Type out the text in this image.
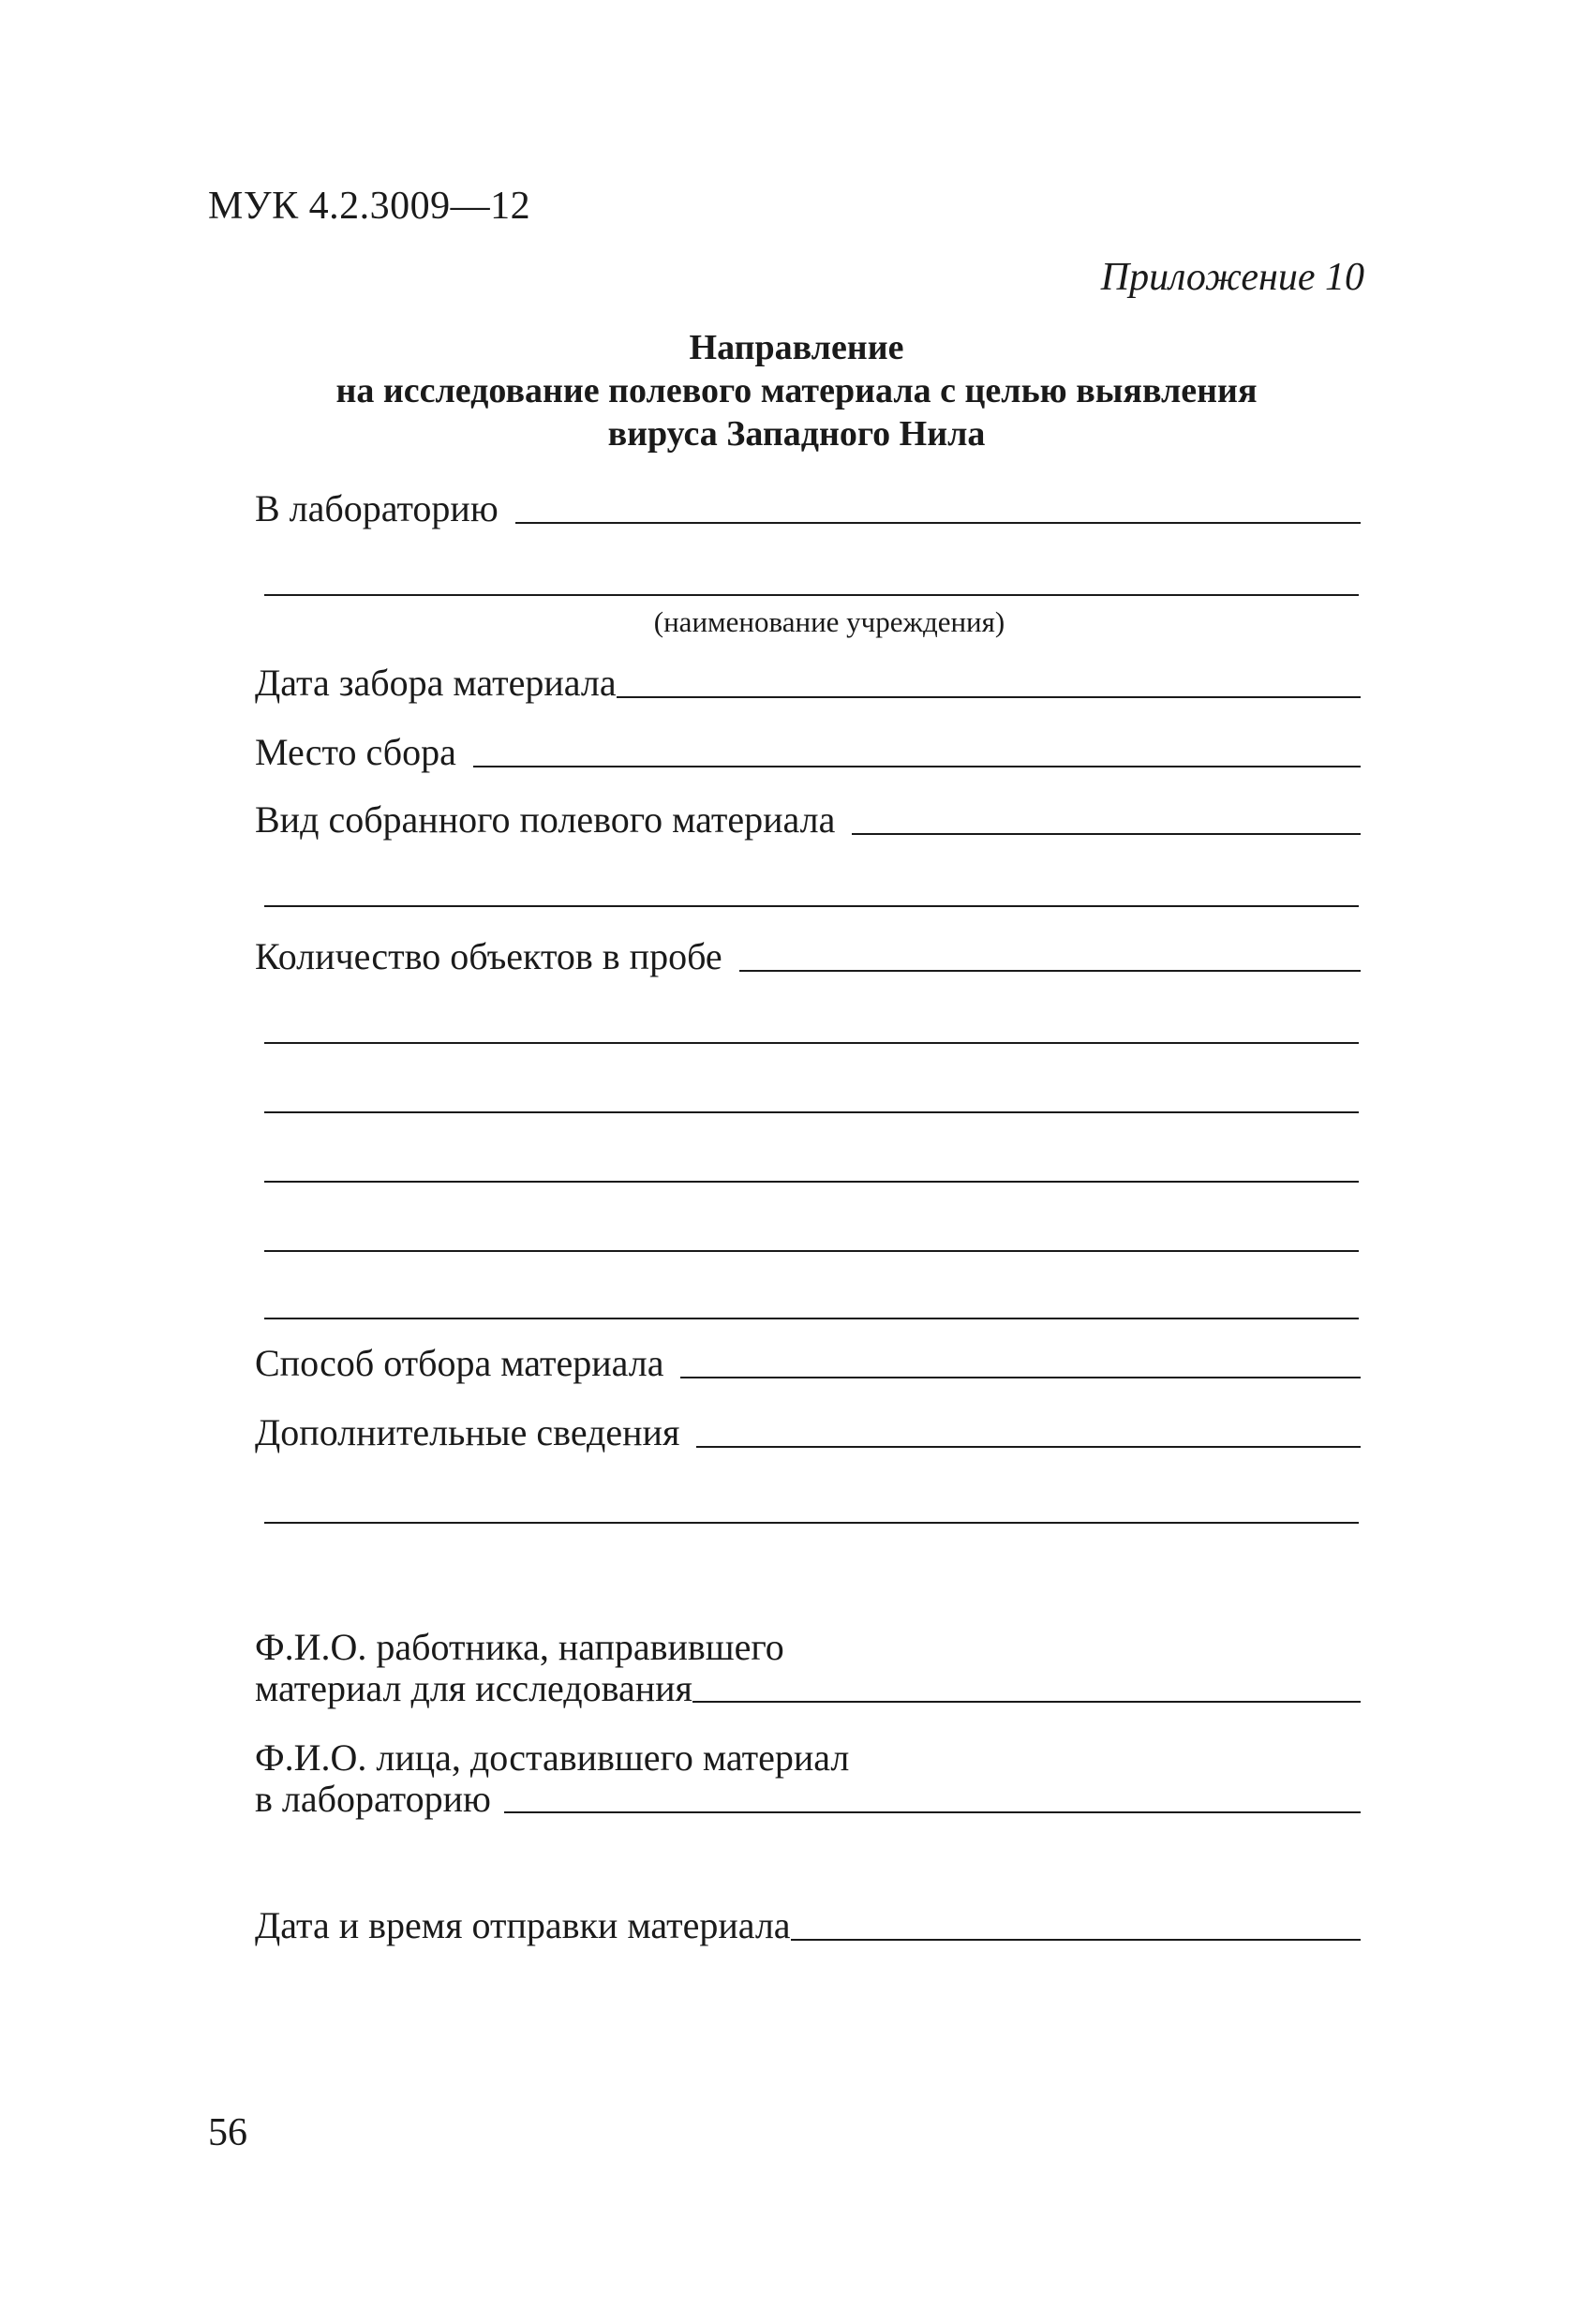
МУК 4.2.3009—12
Приложение 10
Направление
на исследование полевого материала с целью выявления
вируса Западного Нила
В лабораторию
(наименование учреждения)
Дата забора материала
Место сбора
Вид собранного полевого материала
Количество объектов в пробе
Способ отбора материала
Дополнительные сведения
Ф.И.О. работника, направившего
материал для исследования
Ф.И.О. лица, доставившего материал
в лабораторию
Дата и время отправки материала
56
